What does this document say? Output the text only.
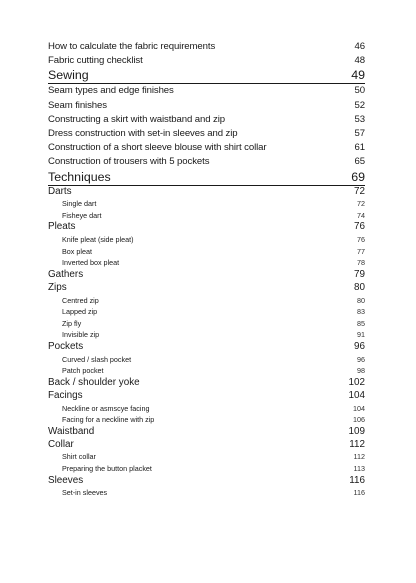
How to calculate the fabric requirements	46
Fabric cutting checklist	48
Sewing	49
Seam types and edge finishes	50
Seam finishes	52
Constructing a skirt with waistband and zip	53
Dress construction with set-in sleeves and zip	57
Construction of a short sleeve blouse with shirt collar	61
Construction of trousers with 5 pockets	65
Techniques	69
Darts	72
Single dart	72
Fisheye dart	74
Pleats	76
Knife pleat (side pleat)	76
Box pleat	77
Inverted box pleat	78
Gathers	79
Zips	80
Centred zip	80
Lapped zip	83
Zip fly	85
Invisible zip	91
Pockets	96
Curved / slash pocket	96
Patch pocket	98
Back / shoulder yoke	102
Facings	104
Neckline or asmscye facing	104
Facing for a neckline with zip	106
Waistband	109
Collar	112
Shirt collar	112
Preparing the button placket	113
Sleeves	116
Set-in sleeves	116
